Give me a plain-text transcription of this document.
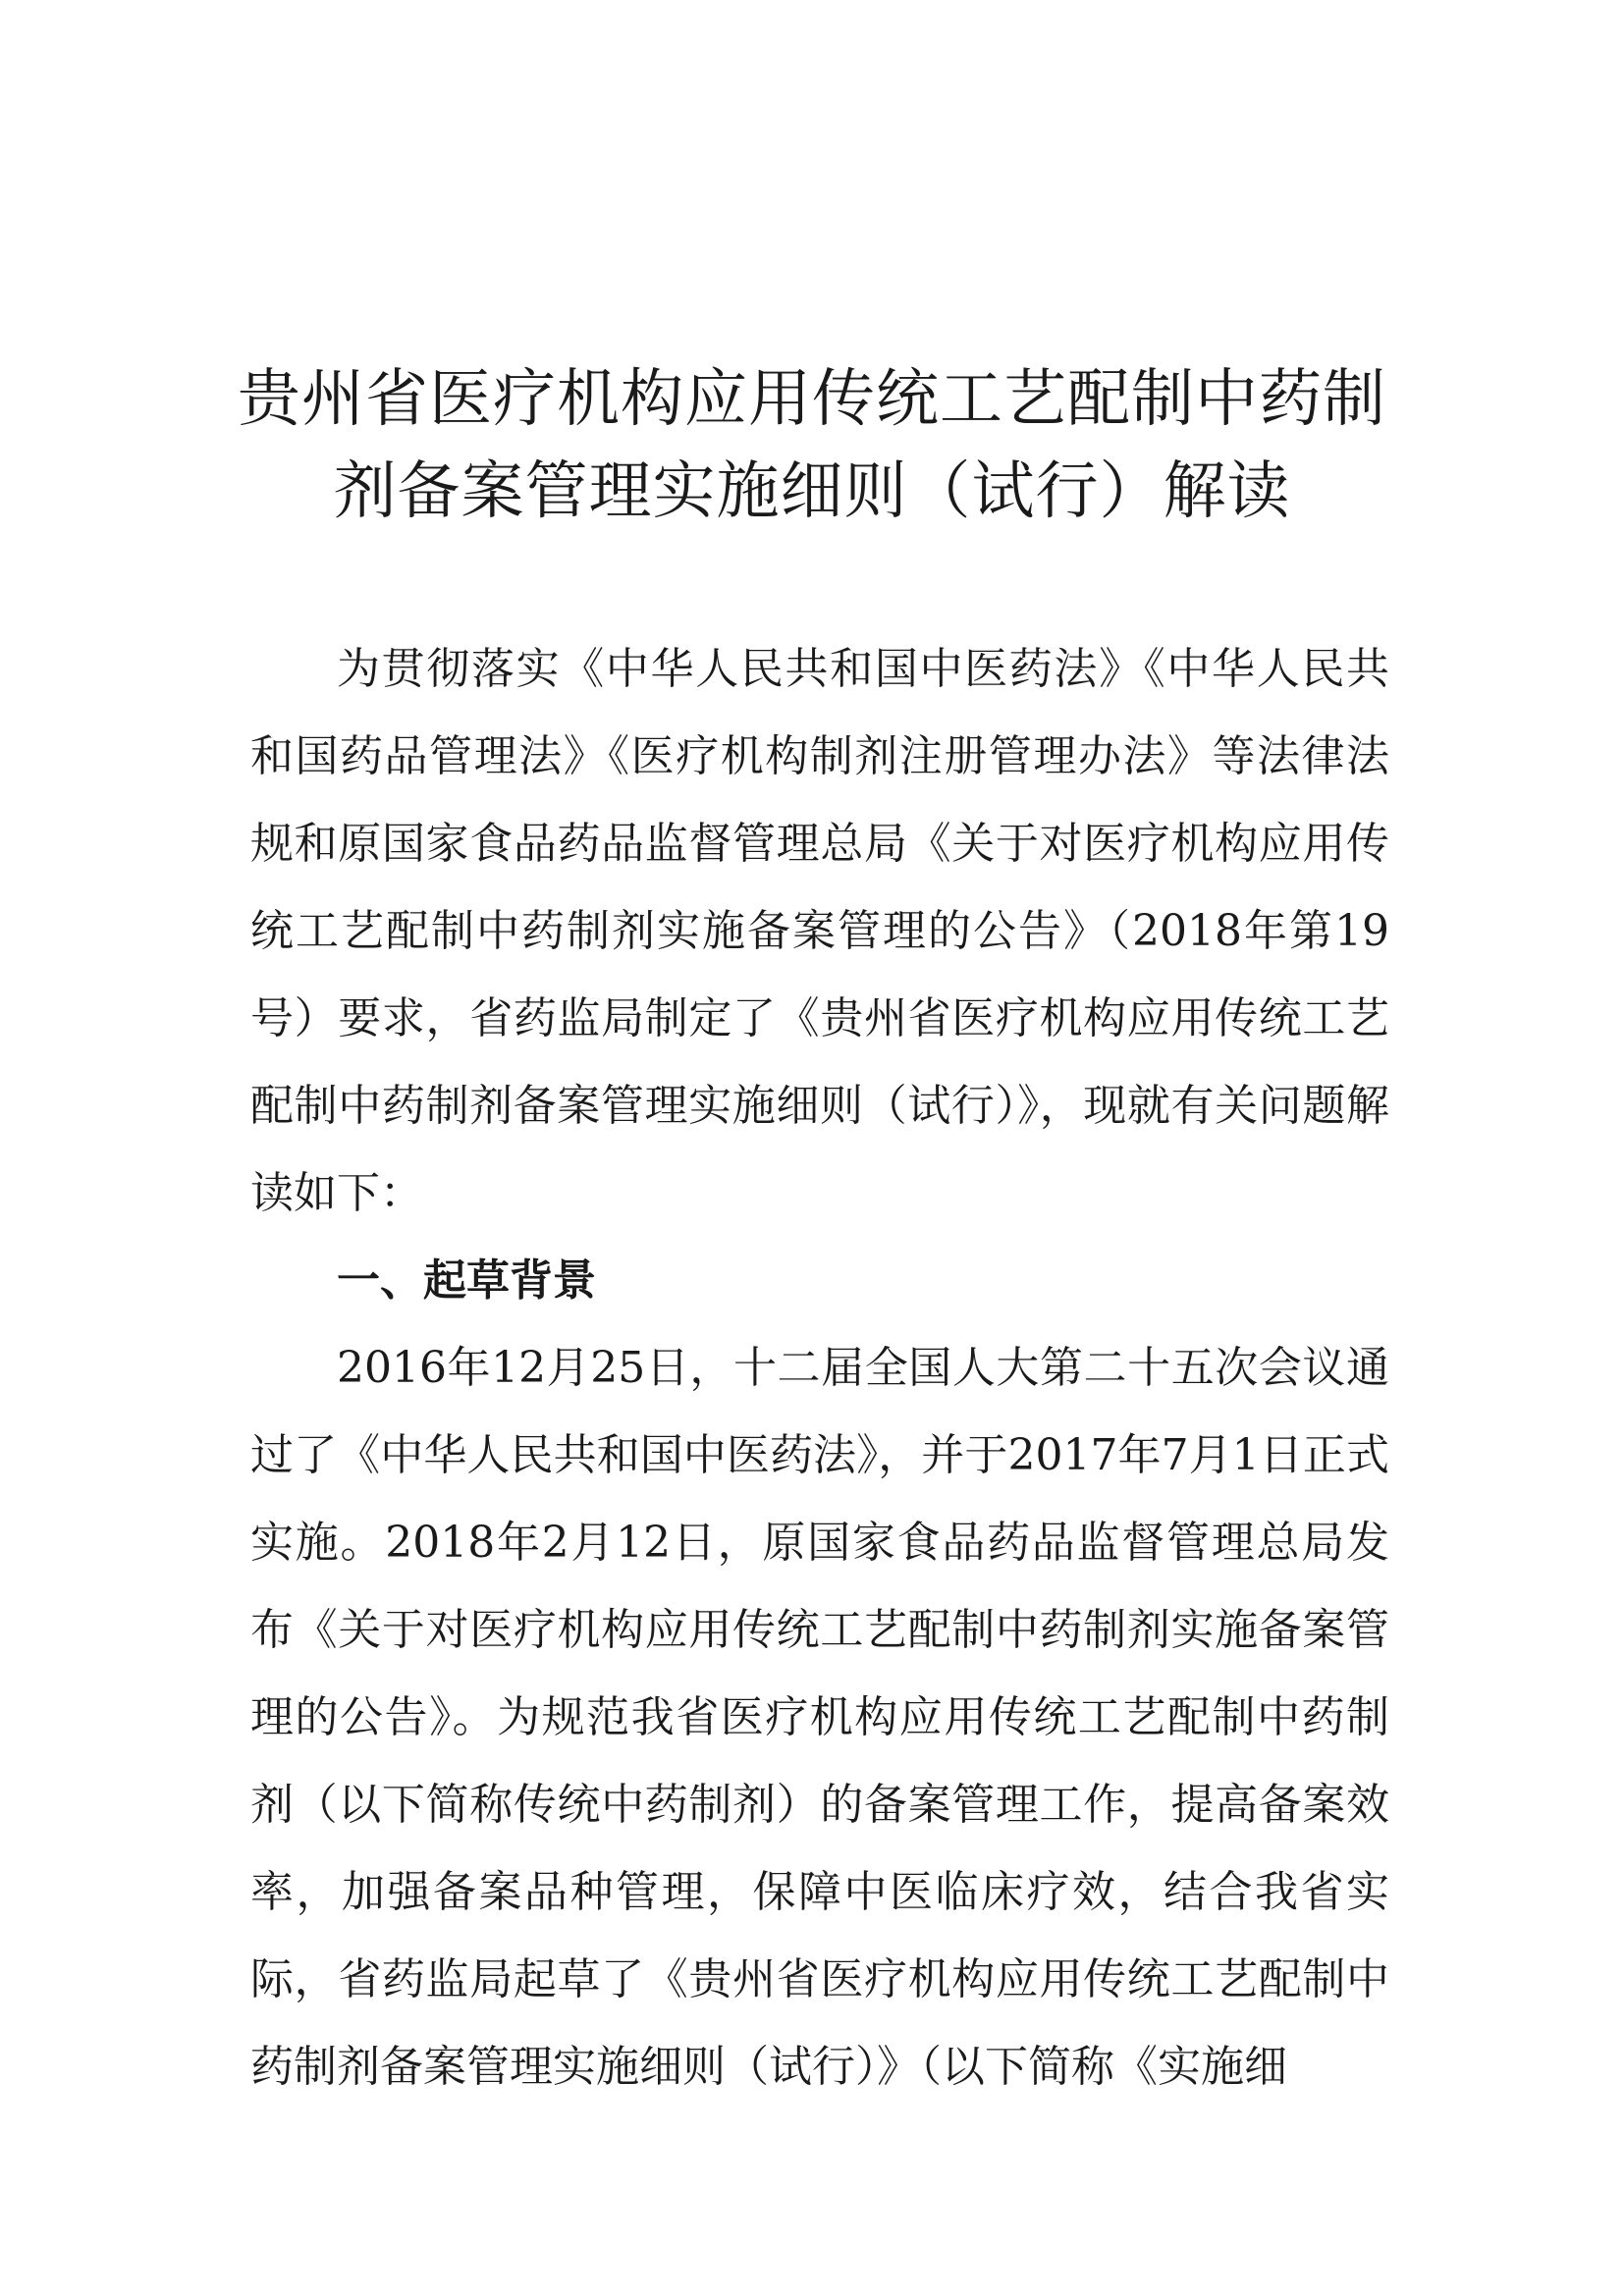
贵州省医疗机构应用传统工艺配制中药制
剂备案管理实施细则（试行）解读

为贯彻落实《中华人民共和国中医药法》《中华人民共和国药品管理法》《医疗机构制剂注册管理办法》等法律法规和原国家食品药品监督管理总局《关于对医疗机构应用传统工艺配制中药制剂实施备案管理的公告》（2018年第19号）要求，省药监局制定了《贵州省医疗机构应用传统工艺配制中药制剂备案管理实施细则（试行）》，现就有关问题解读如下：

一、起草背景

2016年12月25日，十二届全国人大第二十五次会议通过了《中华人民共和国中医药法》，并于2017年7月1日正式实施。2018年2月12日，原国家食品药品监督管理总局发布《关于对医疗机构应用传统工艺配制中药制剂实施备案管理的公告》。为规范我省医疗机构应用传统工艺配制中药制剂（以下简称传统中药制剂）的备案管理工作，提高备案效率，加强备案品种管理，保障中医临床疗效，结合我省实际，省药监局起草了《贵州省医疗机构应用传统工艺配制中药制剂备案管理实施细则（试行）》（以下简称《实施细
